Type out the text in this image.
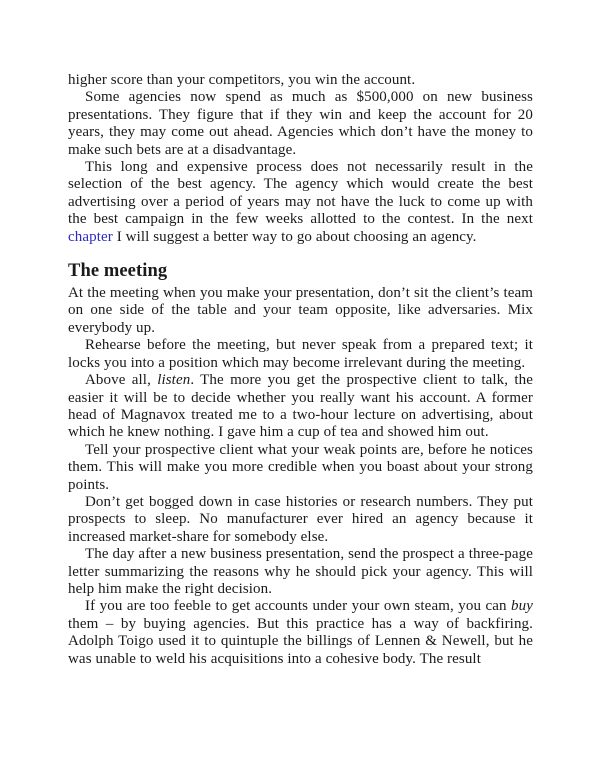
higher score than your competitors, you win the account.

Some agencies now spend as much as $500,000 on new business presentations. They figure that if they win and keep the account for 20 years, they may come out ahead. Agencies which don’t have the money to make such bets are at a disadvantage.

This long and expensive process does not necessarily result in the selection of the best agency. The agency which would create the best advertising over a period of years may not have the luck to come up with the best campaign in the few weeks allotted to the contest. In the next chapter I will suggest a better way to go about choosing an agency.

The meeting

At the meeting when you make your presentation, don’t sit the client’s team on one side of the table and your team opposite, like adversaries. Mix everybody up.

Rehearse before the meeting, but never speak from a prepared text; it locks you into a position which may become irrelevant during the meeting.

Above all, listen. The more you get the prospective client to talk, the easier it will be to decide whether you really want his account. A former head of Magnavox treated me to a two-hour lecture on advertising, about which he knew nothing. I gave him a cup of tea and showed him out.

Tell your prospective client what your weak points are, before he notices them. This will make you more credible when you boast about your strong points.

Don’t get bogged down in case histories or research numbers. They put prospects to sleep. No manufacturer ever hired an agency because it increased market-share for somebody else.

The day after a new business presentation, send the prospect a three-page letter summarizing the reasons why he should pick your agency. This will help him make the right decision.

If you are too feeble to get accounts under your own steam, you can buy them – by buying agencies. But this practice has a way of backfiring. Adolph Toigo used it to quintuple the billings of Lennen & Newell, but he was unable to weld his acquisitions into a cohesive body. The result
